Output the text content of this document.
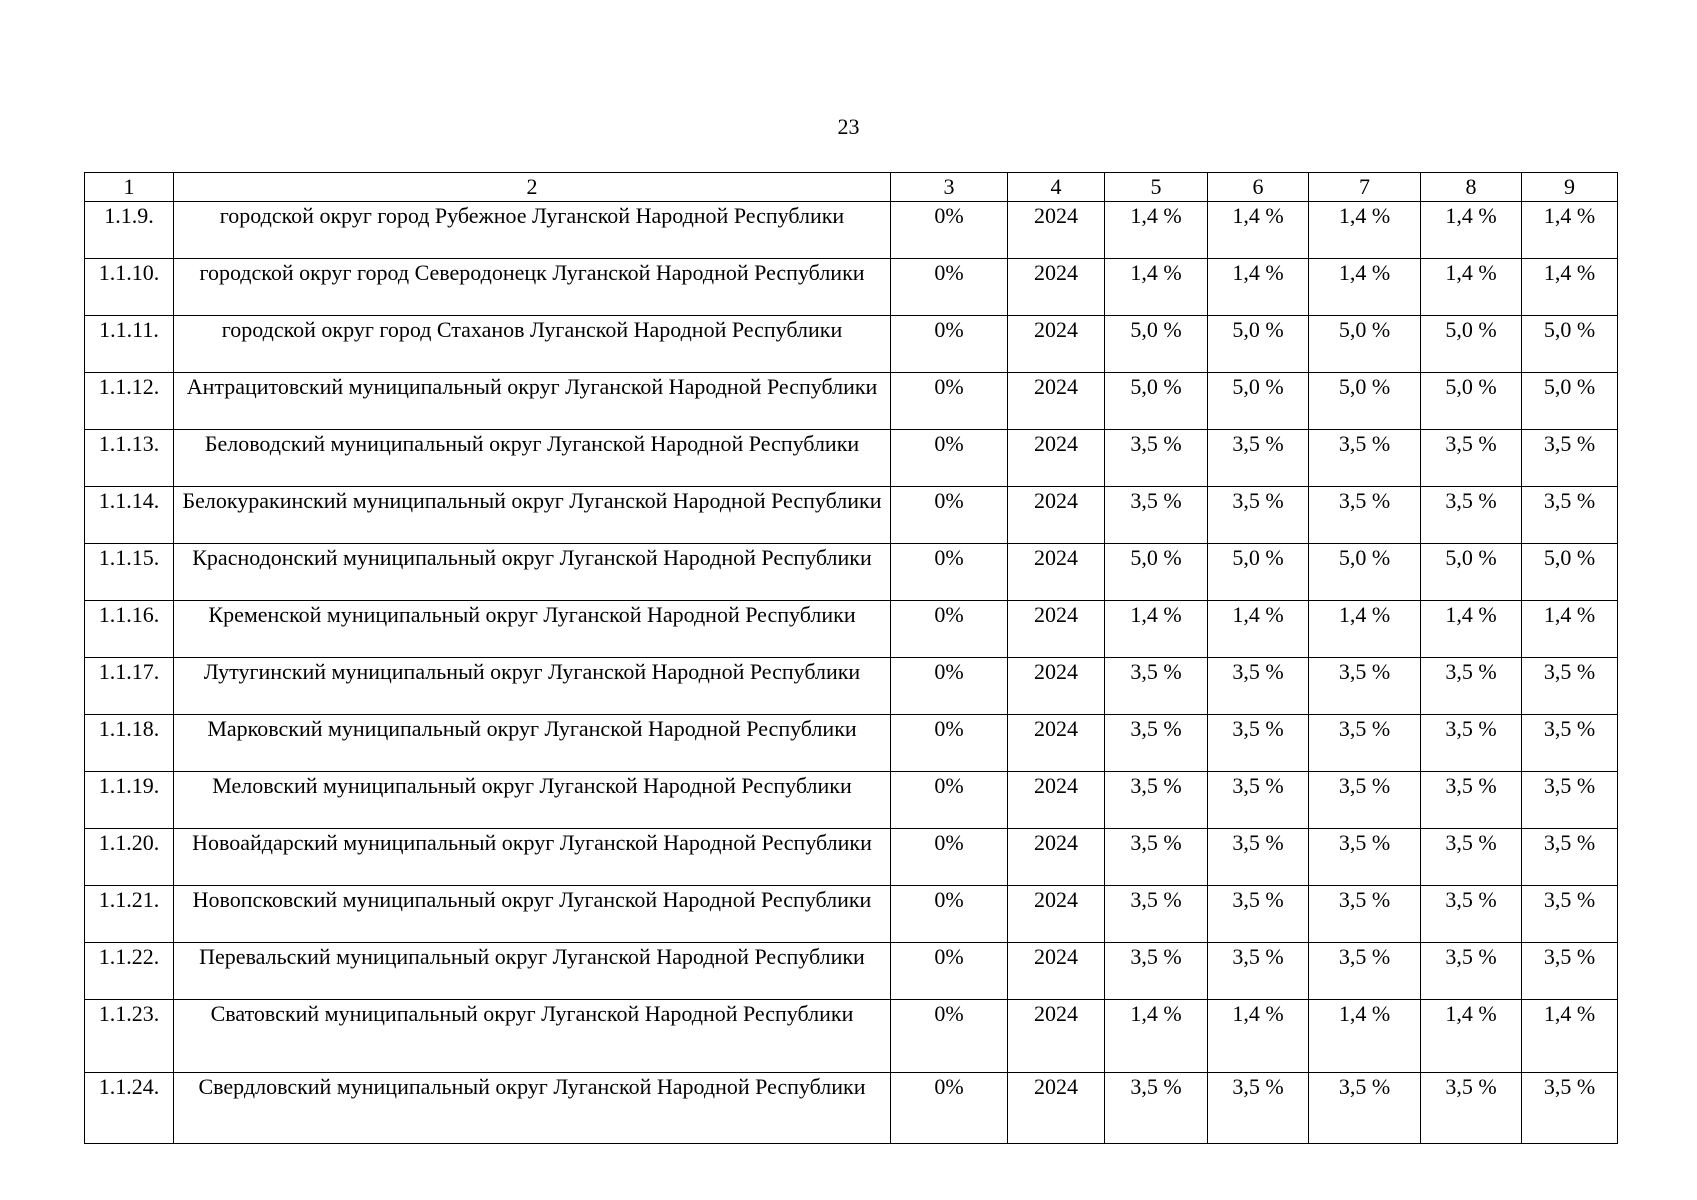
23
1	2	3	4	5	6	7	8	9
1.1.9.	городской округ город Рубежное Луганской Народной Республики	0%	2024	1,4 %	1,4 %	1,4 %	1,4 %	1,4 %
1.1.10.	городской округ город Северодонецк Луганской Народной Республики	0%	2024	1,4 %	1,4 %	1,4 %	1,4 %	1,4 %
1.1.11.	городской округ город Стаханов Луганской Народной Республики	0%	2024	5,0 %	5,0 %	5,0 %	5,0 %	5,0 %
1.1.12.	Антрацитовский муниципальный округ Луганской Народной Республики	0%	2024	5,0 %	5,0 %	5,0 %	5,0 %	5,0 %
1.1.13.	Беловодский муниципальный округ Луганской Народной Республики	0%	2024	3,5 %	3,5 %	3,5 %	3,5 %	3,5 %
1.1.14.	Белокуракинский муниципальный округ Луганской Народной Республики	0%	2024	3,5 %	3,5 %	3,5 %	3,5 %	3,5 %
1.1.15.	Краснодонский муниципальный округ Луганской Народной Республики	0%	2024	5,0 %	5,0 %	5,0 %	5,0 %	5,0 %
1.1.16.	Кременской муниципальный округ Луганской Народной Республики	0%	2024	1,4 %	1,4 %	1,4 %	1,4 %	1,4 %
1.1.17.	Лутугинский муниципальный округ Луганской Народной Республики	0%	2024	3,5 %	3,5 %	3,5 %	3,5 %	3,5 %
1.1.18.	Марковский муниципальный округ Луганской Народной Республики	0%	2024	3,5 %	3,5 %	3,5 %	3,5 %	3,5 %
1.1.19.	Меловский муниципальный округ Луганской Народной Республики	0%	2024	3,5 %	3,5 %	3,5 %	3,5 %	3,5 %
1.1.20.	Новоайдарский муниципальный округ Луганской Народной Республики	0%	2024	3,5 %	3,5 %	3,5 %	3,5 %	3,5 %
1.1.21.	Новопсковский муниципальный округ Луганской Народной Республики	0%	2024	3,5 %	3,5 %	3,5 %	3,5 %	3,5 %
1.1.22.	Перевальский муниципальный округ Луганской Народной Республики	0%	2024	3,5 %	3,5 %	3,5 %	3,5 %	3,5 %
1.1.23.	Сватовский муниципальный округ Луганской Народной Республики	0%	2024	1,4 %	1,4 %	1,4 %	1,4 %	1,4 %
1.1.24.	Свердловский муниципальный округ Луганской Народной Республики	0%	2024	3,5 %	3,5 %	3,5 %	3,5 %	3,5 %
